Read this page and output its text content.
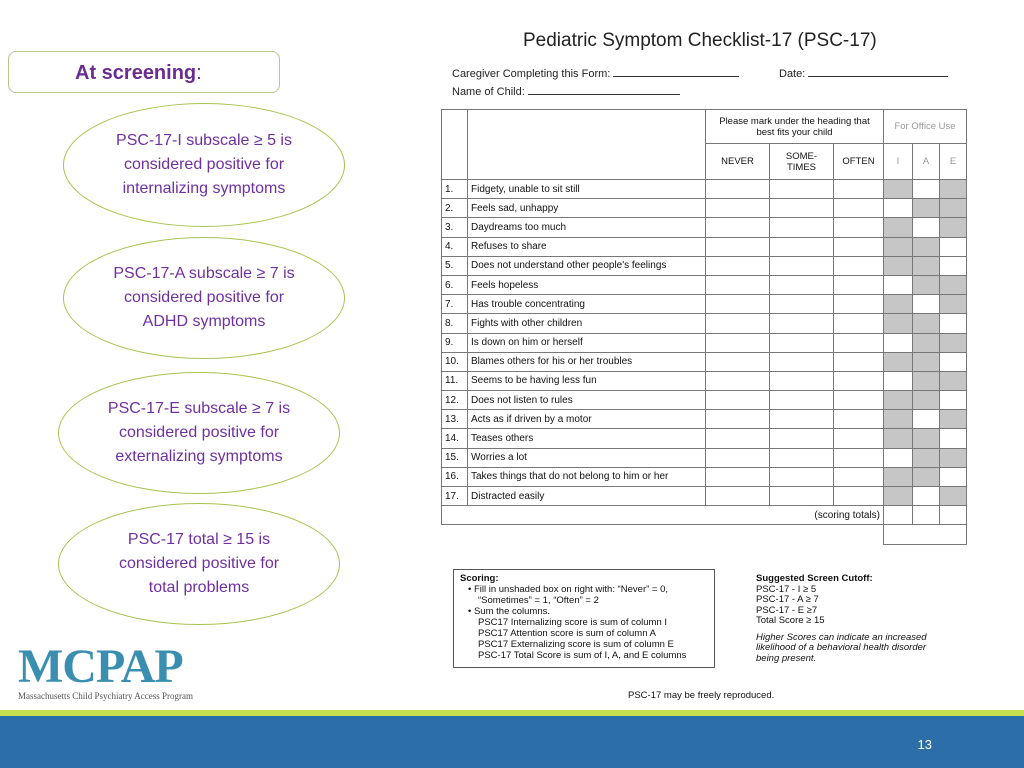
At screening:
PSC-17-I subscale ≥ 5 is considered positive for internalizing symptoms
PSC-17-A subscale ≥ 7 is considered positive for ADHD symptoms
PSC-17-E subscale ≥ 7 is considered positive for externalizing symptoms
PSC-17 total ≥ 15 is considered positive for total problems
MCPAP
Massachusetts Child Psychiatry Access Program
Pediatric Symptom Checklist-17 (PSC-17)
Caregiver Completing this Form:	Date:
Name of Child:
		Please mark under the heading that best fits your child			For Office Use		
		NEVER	SOME-TIMES	OFTEN	I	A	E
1.	Fidgety, unable to sit still						
2.	Feels sad, unhappy						
3.	Daydreams too much						
4.	Refuses to share						
5.	Does not understand other people's feelings						
6.	Feels hopeless						
7.	Has trouble concentrating						
8.	Fights with other children						
9.	Is down on him or herself						
10.	Blames others for his or her troubles						
11.	Seems to be having less fun						
12.	Does not listen to rules						
13.	Acts as if driven by a motor						
14.	Teases others						
15.	Worries a lot						
16.	Takes things that do not belong to him or her						
17.	Distracted easily						
(scoring totals)							

Scoring:
• Fill in unshaded box on right with: “Never” = 0, “Sometimes” = 1, “Often” = 2
• Sum the columns.
PSC17 Internalizing score is sum of column I
PSC17 Attention score is sum of column A
PSC17 Externalizing score is sum of column E
PSC-17 Total Score is sum of I, A, and E columns
Suggested Screen Cutoff:
PSC-17 - I ≥ 5
PSC-17 - A ≥ 7
PSC-17 - E ≥7
Total Score ≥ 15
Higher Scores can indicate an increased likelihood of a behavioral health disorder being present.
PSC-17 may be freely reproduced.
13
